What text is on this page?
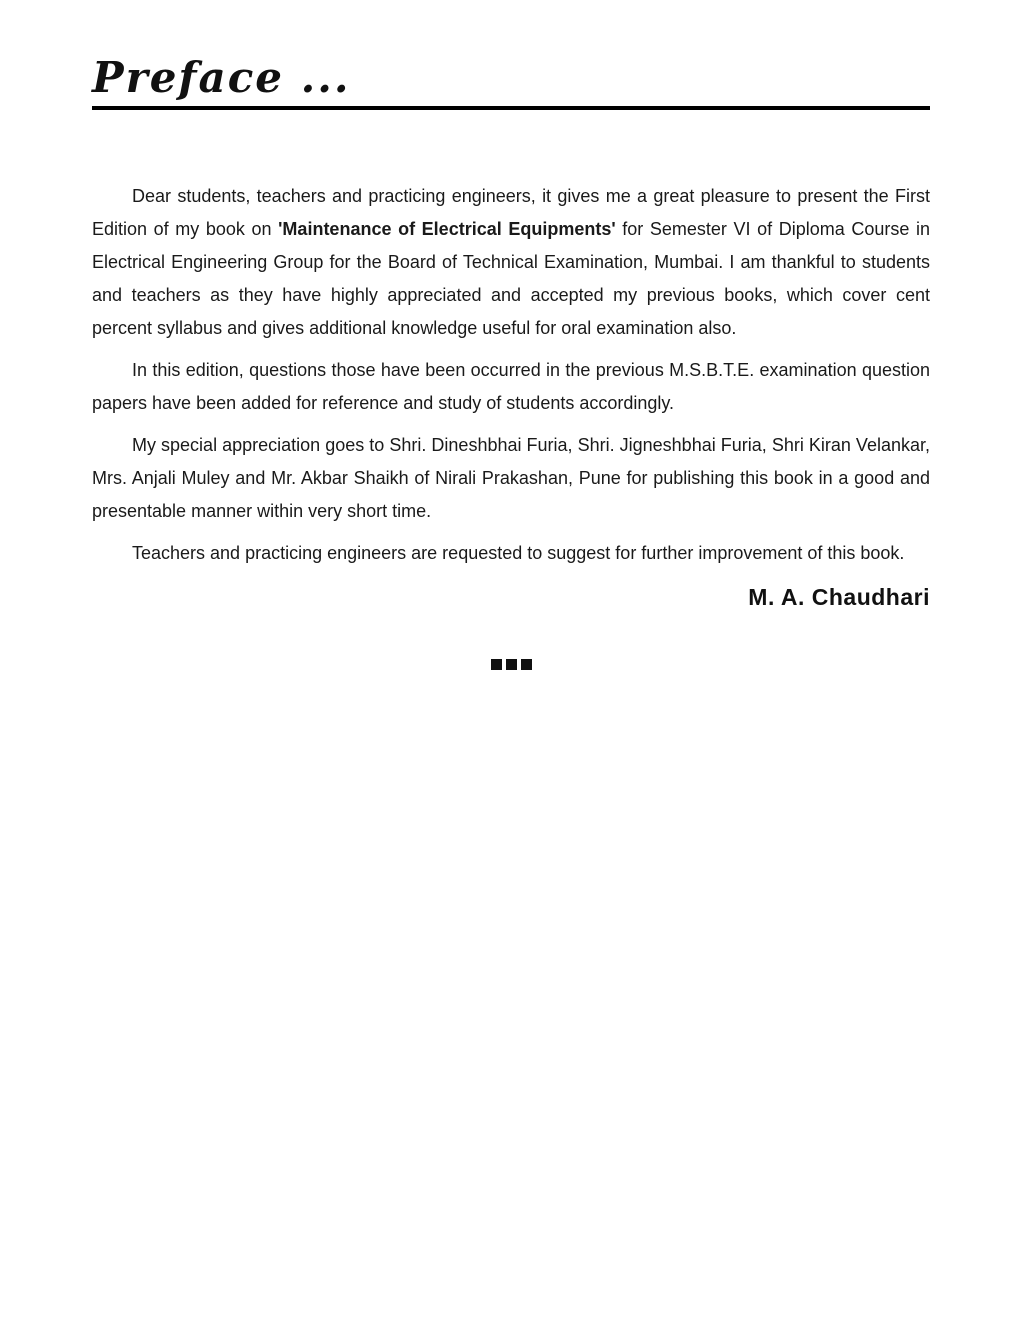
Preface ...

Dear students, teachers and practicing engineers, it gives me a great pleasure to present the First Edition of my book on 'Maintenance of Electrical Equipments' for Semester VI of Diploma Course in Electrical Engineering Group for the Board of Technical Examination, Mumbai. I am thankful to students and teachers as they have highly appreciated and accepted my previous books, which cover cent percent syllabus and gives additional knowledge useful for oral examination also.

In this edition, questions those have been occurred in the previous M.S.B.T.E. examination question papers have been added for reference and study of students accordingly.

My special appreciation goes to Shri. Dineshbhai Furia, Shri. Jigneshbhai Furia, Shri Kiran Velankar, Mrs. Anjali Muley and Mr. Akbar Shaikh of Nirali Prakashan, Pune for publishing this book in a good and presentable manner within very short time.

Teachers and practicing engineers are requested to suggest for further improvement of this book.

M. A. Chaudhari
